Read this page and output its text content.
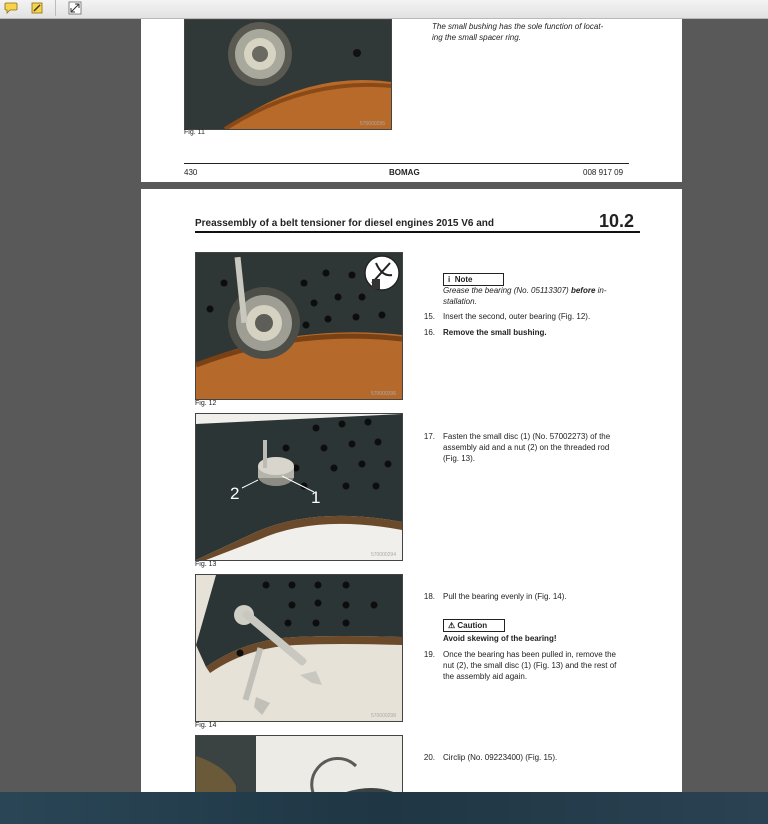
570000295
Fig. 11
The small bushing has the sole function of locat-
ing the small spacer ring.
430	BOMAG	008 917 09
Preassembly of a belt tensioner for diesel engines 2015 V6 and	10.2
570000296
Fig. 12
i Note
Grease the bearing (No. 05113307) before in-
stallation.
15. Insert the second, outer bearing (Fig. 12).
16. Remove the small bushing.
1
2
570000294
Fig. 13
17. Fasten the small disc (1) (No. 57002273) of the
assembly aid and a nut (2) on the threaded rod
(Fig. 13).
570000298
Fig. 14
18. Pull the bearing evenly in (Fig. 14).
⚠ Caution
Avoid skewing of the bearing!
19. Once the bearing has been pulled in, remove the
nut (2), the small disc (1) (Fig. 13) and the rest of
the assembly aid again.
20. Circlip (No. 09223400) (Fig. 15).
